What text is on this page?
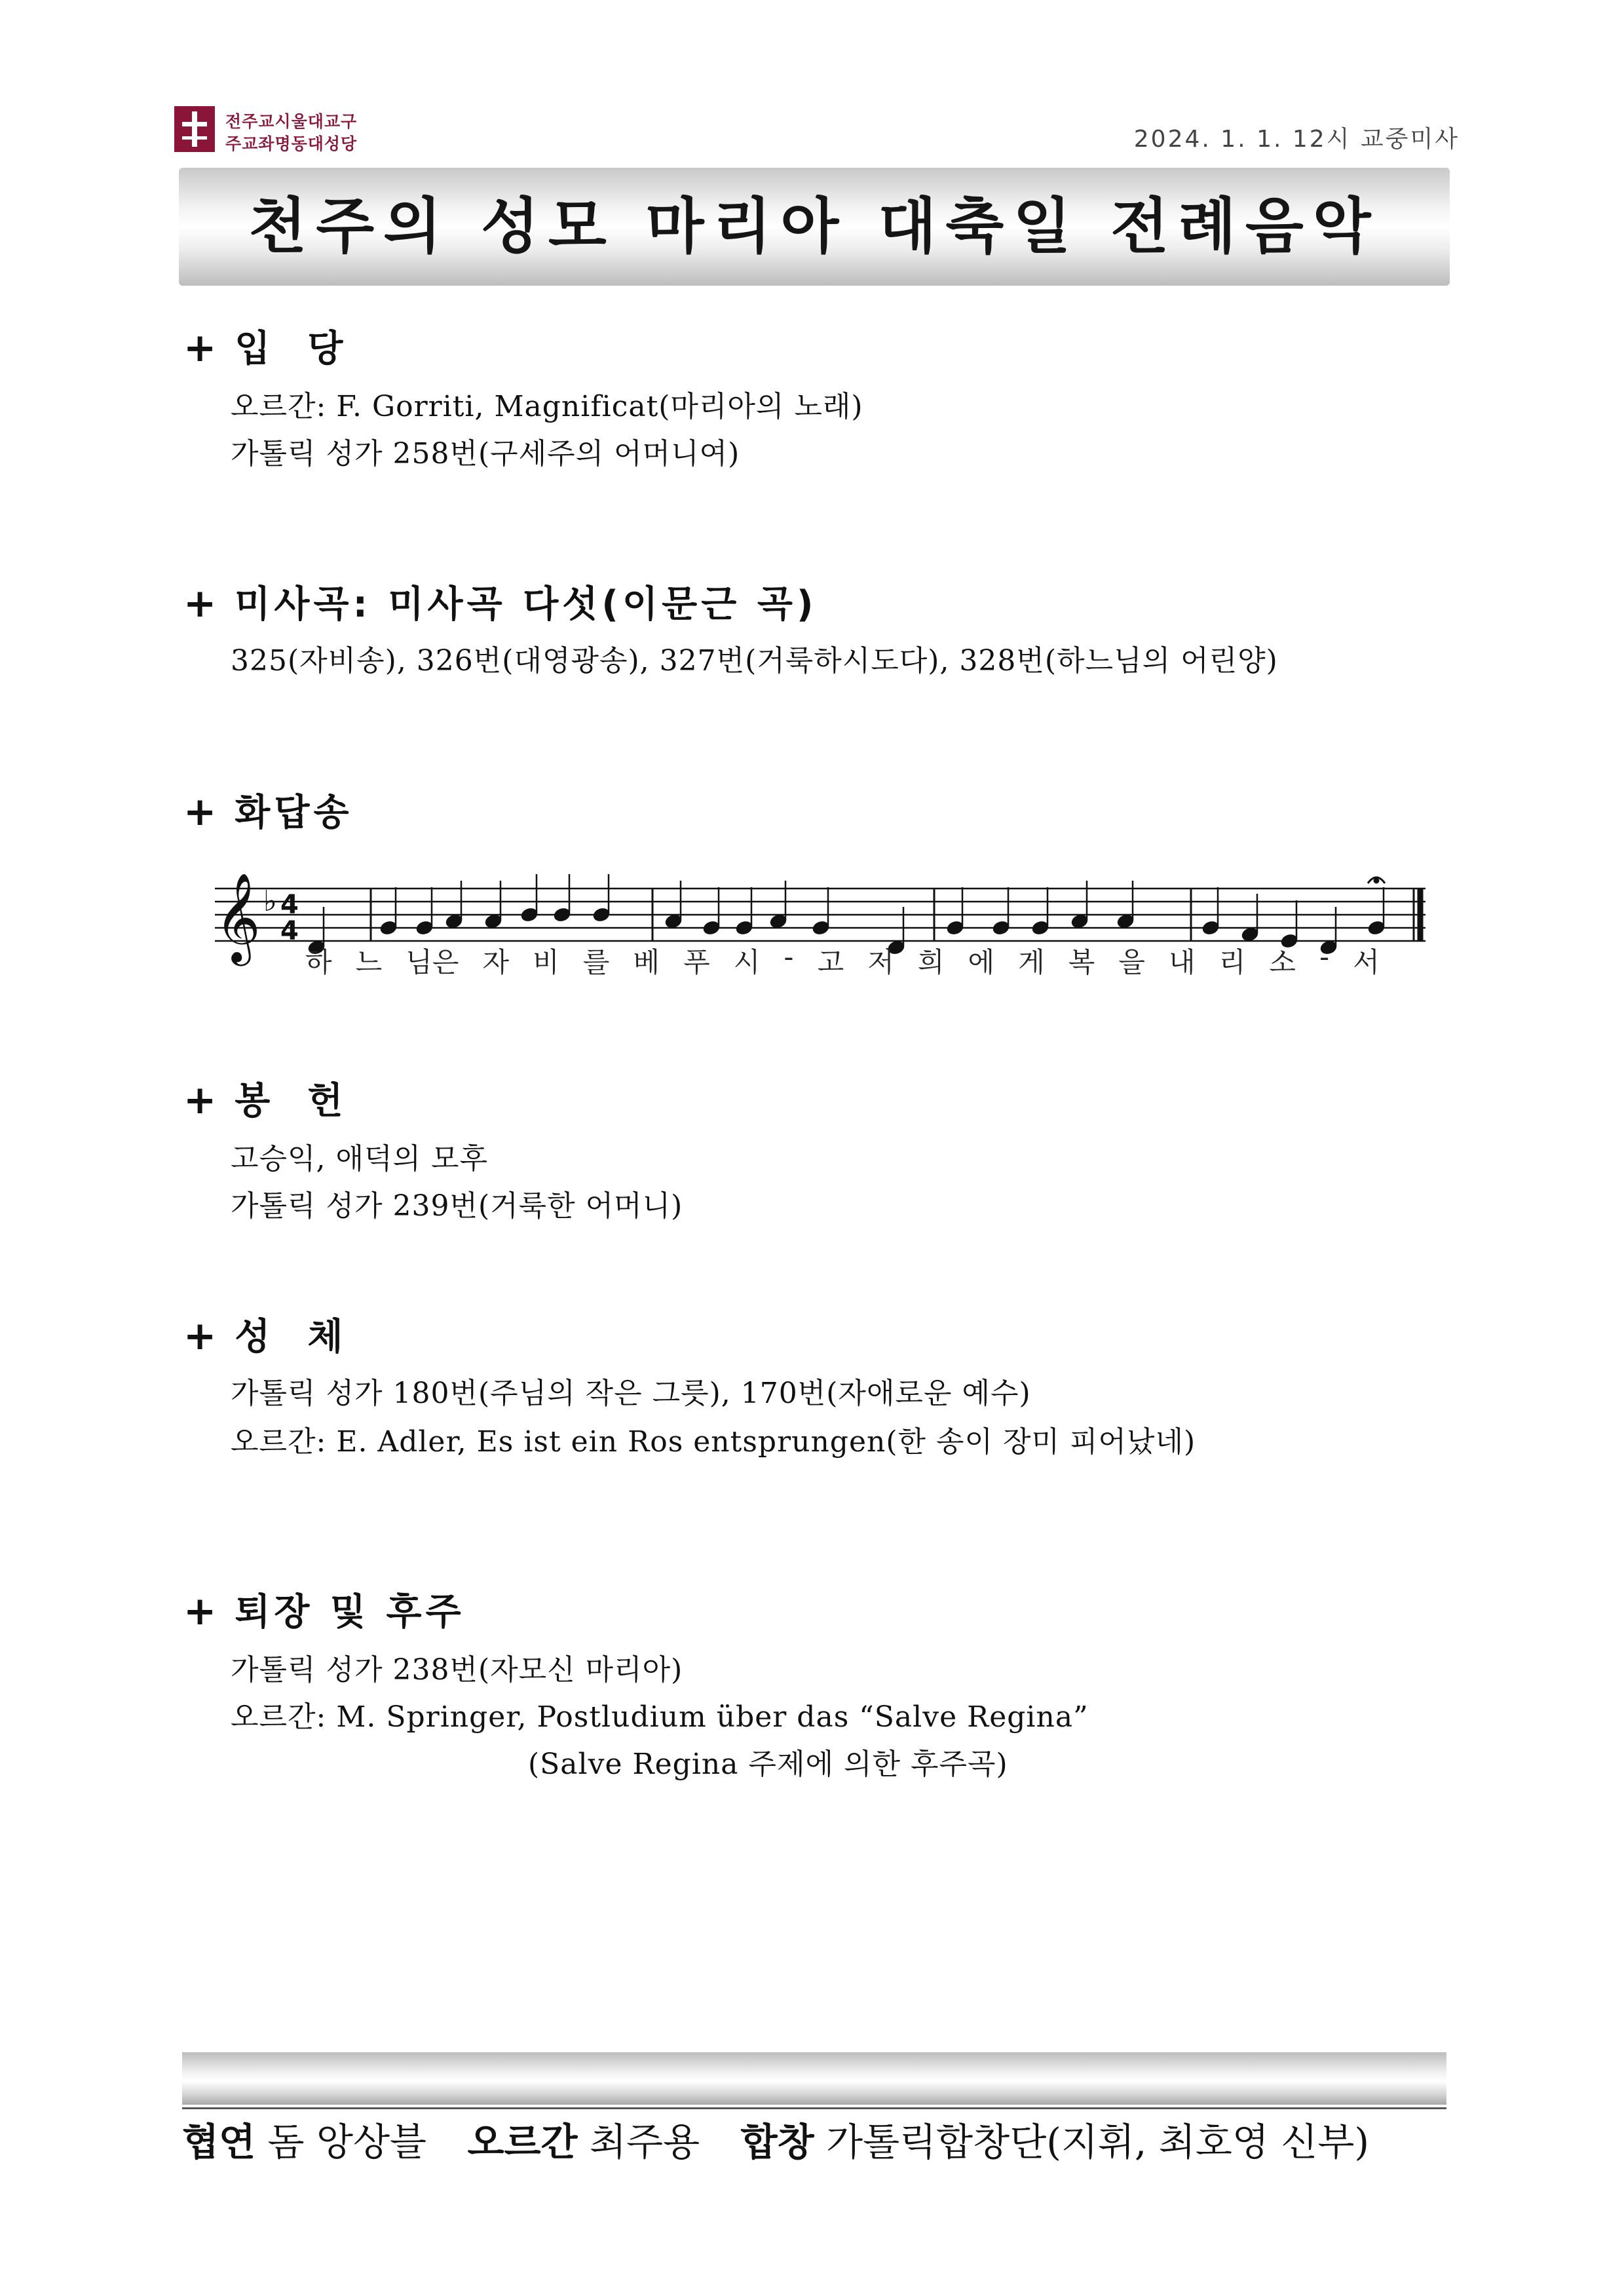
전주교시울대교구
주교좌명동대성당	2024. 1. 1. 12시 교중미사
천주의 성모 마리아 대축일 전례음악
+ 입  당
오르간: F. Gorriti, Magnificat(마리아의 노래)
가톨릭 성가 258번(구세주의 어머니여)
+ 미사곡: 미사곡 다섯(이문근 곡)
325(자비송), 326번(대영광송), 327번(거룩하시도다), 328번(하느님의 어린양)
+ 화답송
𝄞 ♭ 4
4
하 느 님은 자 비 를 베 푸 시 - 고 저 희 에 게 복 을 내 리 소 - 서
+ 봉  헌
고승익, 애덕의 모후
가톨릭 성가 239번(거룩한 어머니)
+ 성  체
가톨릭 성가 180번(주님의 작은 그릇), 170번(자애로운 예수)
오르간: E. Adler, Es ist ein Ros entsprungen(한 송이 장미 피어났네)
+ 퇴장 및 후주
가톨릭 성가 238번(자모신 마리아)
오르간: M. Springer, Postludium über das “Salve Regina”
(Salve Regina 주제에 의한 후주곡)
협연 돔 앙상블 오르간 최주용 합창 가톨릭합창단(지휘, 최호영 신부)
